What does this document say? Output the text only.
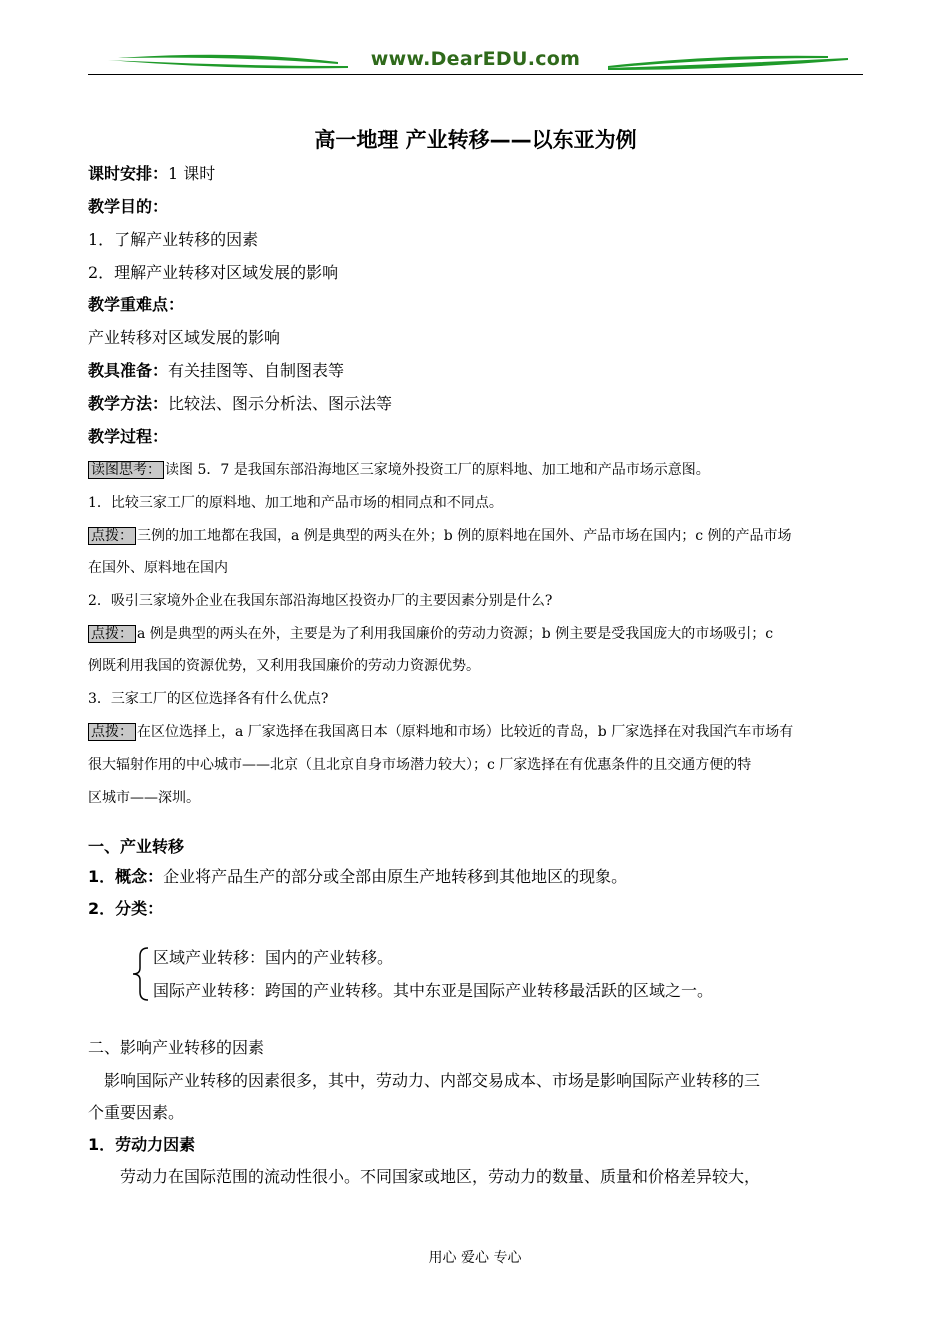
www.DearEDU.com
高一地理 产业转移——以东亚为例
课时安排：1 课时
教学目的：
1．了解产业转移的因素
2．理解产业转移对区域发展的影响
教学重难点：
产业转移对区域发展的影响
教具准备：有关挂图等、自制图表等
教学方法：比较法、图示分析法、图示法等
教学过程：
读图思考： 读图 5．7 是我国东部沿海地区三家境外投资工厂的原料地、加工地和产品市场示意图。
1．比较三家工厂的原料地、加工地和产品市场的相同点和不同点。
点拨： 三例的加工地都在我国，a 例是典型的两头在外；b 例的原料地在国外、产品市场在国内；c 例的产品市场
在国外、原料地在国内
2．吸引三家境外企业在我国东部沿海地区投资办厂的主要因素分别是什么?
点拨： a 例是典型的两头在外，主要是为了利用我国廉价的劳动力资源；b 例主要是受我国庞大的市场吸引；c
例既利用我国的资源优势，又利用我国廉价的劳动力资源优势。
3．三家工厂的区位选择各有什么优点?
点拨： 在区位选择上，a 厂家选择在我国离日本（原料地和市场）比较近的青岛，b 厂家选择在对我国汽车市场有
很大辐射作用的中心城市——北京（且北京自身市场潜力较大）；c 厂家选择在有优惠条件的且交通方便的特
区城市——深圳。
一、产业转移
1．概念：企业将产品生产的部分或全部由原生产地转移到其他地区的现象。
2．分类：
区域产业转移：国内的产业转移。
国际产业转移：跨国的产业转移。其中东亚是国际产业转移最活跃的区域之一。
二、影响产业转移的因素
影响国际产业转移的因素很多，其中，劳动力、内部交易成本、市场是影响国际产业转移的三
个重要因素。
1．劳动力因素
劳动力在国际范围的流动性很小。不同国家或地区，劳动力的数量、质量和价格差异较大，
用心 爱心 专心
